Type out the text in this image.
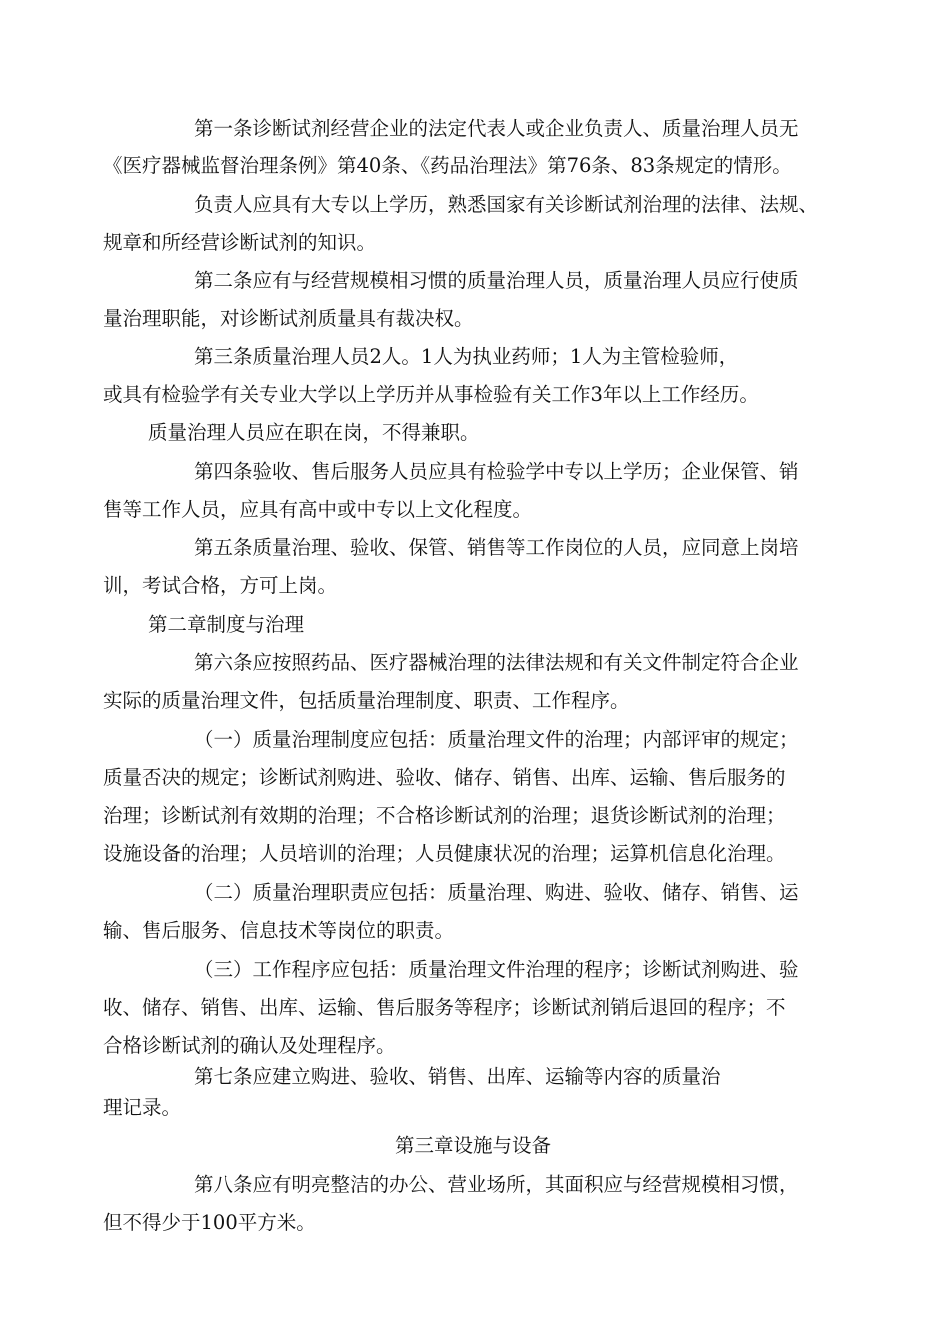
第一条诊断试剂经营企业的法定代表人或企业负责人、质量治理人员无
《医疗器械监督治理条例》第40条、《药品治理法》第76条、83条规定的情形。
负责人应具有大专以上学历，熟悉国家有关诊断试剂治理的法律、法规、
规章和所经营诊断试剂的知识。
第二条应有与经营规模相习惯的质量治理人员，质量治理人员应行使质
量治理职能，对诊断试剂质量具有裁决权。
第三条质量治理人员2人。1人为执业药师；1人为主管检验师，
或具有检验学有关专业大学以上学历并从事检验有关工作3年以上工作经历。
质量治理人员应在职在岗，不得兼职。
第四条验收、售后服务人员应具有检验学中专以上学历；企业保管、销
售等工作人员，应具有高中或中专以上文化程度。
第五条质量治理、验收、保管、销售等工作岗位的人员，应同意上岗培
训，考试合格，方可上岗。
第二章制度与治理
第六条应按照药品、医疗器械治理的法律法规和有关文件制定符合企业
实际的质量治理文件，包括质量治理制度、职责、工作程序。
（一）质量治理制度应包括：质量治理文件的治理；内部评审的规定；
质量否决的规定；诊断试剂购进、验收、储存、销售、出库、运输、售后服务的
治理；诊断试剂有效期的治理；不合格诊断试剂的治理；退货诊断试剂的治理；
设施设备的治理；人员培训的治理；人员健康状况的治理；运算机信息化治理。
（二）质量治理职责应包括：质量治理、购进、验收、储存、销售、运
输、售后服务、信息技术等岗位的职责。
（三）工作程序应包括：质量治理文件治理的程序；诊断试剂购进、验
收、储存、销售、出库、运输、售后服务等程序；诊断试剂销后退回的程序；不
合格诊断试剂的确认及处理程序。
第七条应建立购进、验收、销售、出库、运输等内容的质量治
理记录。
第三章设施与设备
第八条应有明亮整洁的办公、营业场所，其面积应与经营规模相习惯，
但不得少于100平方米。
